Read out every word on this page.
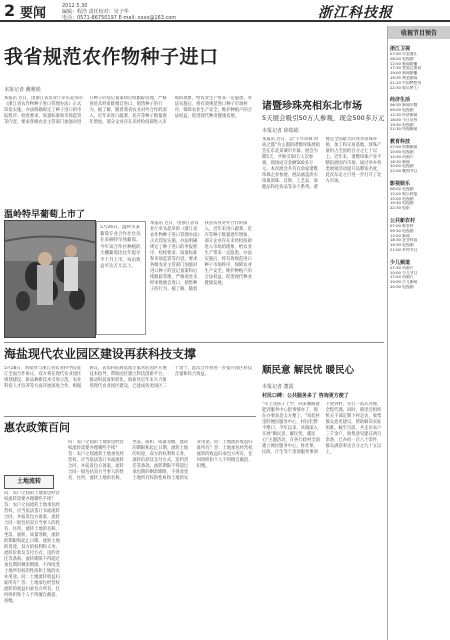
2 要闻	2012.5.30
编辑：程浩 责任校对：吴子华
电话：0571-86750197 E-mail: xxxx@163.com	浙江科技报
我省规范农作物种子进口
本报记者 戴雅娟
本报讯 近日，由浙江省农业厅牵头起草的《浙江省农作物种子进口管理办法》正式印发实施。办法明确规定了种子进口的申报程序、检疫要求、质量标准和市场监管等内容，要求各级农业主管部门加强对进口种子的登记备案和后续跟踪管理，严格查处未经审批擅自进口、销售种子的行为。据了解，随着我省农业对外合作的深入，近年来进口蔬菜、花卉等种子数量逐年增加，部分企业存在未经检疫即进入市场的现象，给农业生产带来一定隐患。办法实施后，将有效规范进口种子市场秩序，保障农业生产安全，维护种植户的合法权益，促进现代种业健康发展。
诸暨珍珠亮相东北市场
5天展会吸引50万人参观，现金500多万元
本报记者 徐瑞娟
本报讯 近日，以"千年珍珠 时尚之都"为主题的诸暨珍珠展销会在东北某城市开幕。展会为期5天，共吸引50万人次参观，现场成交金额500多万元。本次展会共有百余家诸暨珍珠企业参展，展品涵盖淡水珍珠原珠、首饰、工艺品、保健品和化妆品等多个系列。诸暨是全国最大的淡水珍珠养殖、加工和交易基地，珍珠产量约占全国的百分之七十以上。近年来，诸暨珍珠产业不断拓展国内市场，通过举办各类展销活动提升品牌知名度，此次东北之行进一步打开了北方市场。
温岭特早葡萄上市了
5月26日，温岭市某葡萄专业合作社社员在采摘特早熟葡萄。今年该合作社种植的大棚葡萄比往年提早半个月上市，每亩效益可达万元以上。
本报讯 近日，由浙江省农业厅牵头起草的《浙江省农作物种子进口管理办法》正式印发实施。办法明确规定了种子进口的申报程序、检疫要求、质量标准和市场监管等内容，要求各级农业主管部门加强对进口种子的登记备案和后续跟踪管理，严格查处未经审批擅自进口、销售种子的行为。据了解，随着我省农业对外合作的深入，近年来进口蔬菜、花卉等种子数量逐年增加，部分企业存在未经检疫即进入市场的现象，给农业生产带来一定隐患。办法实施后，将有效规范进口种子市场秩序，保障农业生产安全，维护种植户的合法权益，促进现代种业健康发展。
海盐现代农业园区建设再获科技支撑
5月28日，海盐县与浙江省农业科学院签订全面合作协议，双方将在现代农业园区规划建设、新品种新技术引进示范、农业科技人才培养等方面开展深度合作。根据协议，省农科院将选派专家常驻园区开展技术指导，帮助园区建立科技创新平台，推动科技成果转化。海盐县近年来大力推进现代农业园区建设，已建成各类园区二十余个，此次合作将进一步提升园区科技含量和综合效益。	顺民意 解民忧 暖民心
本报记者 董霞
村民口碑：公共服务多了 咨询更方便了
"早上送孩子上学，回来顺路就能到服务中心把事情办了，现在办事真是太方便了。"说起村里的便民服务中心，村民们赞不绝口。今年以来，该镇深入开展"顺民意、解民忧、暖民心"主题活动，在各行政村全面建立便民服务中心，将社保、民政、计生等十余项服务事项下放到村，实行一站式办理、全程代理。同时，镇里还组织机关干部定期下村走访，收集群众意见建议，帮助解决实际困难。截至目前，共走访农户三千余户，收集意见建议两百余条，已办结一百八十余件，群众满意率达百分之九十五以上。
惠农政策百问
土地流转
问：农户之间的土地承包经营权流转需要办理哪些手续？答：农户之间流转土地承包经营权，应当依法签订书面流转合同，并报发包方备案。流转合同一般包括双方当事人的姓名、住所，流转土地的名称、坐落、面积、质量等级，流转的期限和起止日期，流转土地的用途，双方的权利和义务，流转价款及支付方式，违约责任等条款。流转期限不得超过承包期的剩余期限，不得改变土地所有权的性质和土地的农业用途。问：土地流转收益归谁所有？答：土地承包经营权流转的收益归承包方所有，任何组织和个人不得擅自截留、扣缴。
问：农户之间的土地承包经营权流转需要办理哪些手续？答：农户之间流转土地承包经营权，应当依法签订书面流转合同，并报发包方备案。流转合同一般包括双方当事人的姓名、住所，流转土地的名称、坐落、面积、质量等级，流转的期限和起止日期，流转土地的用途，双方的权利和义务，流转价款及支付方式，违约责任等条款。流转期限不得超过承包期的剩余期限，不得改变土地所有权的性质和土地的农业用途。问：土地流转收益归谁所有？答：土地承包经营权流转的收益归承包方所有，任何组织和个人不得擅自截留、扣缴。
收视节目预告
浙江卫视
07:00 早安浙江
08:20 电视剧
12:00 新闻联播
17:30 我爱记歌词
19:00 新闻联播
19:35 黄金剧场
21:20 中国梦想秀
22:30 娱乐梦工厂
经济生活
06:30 新闻早餐
09:00 电视剧
12:30 经济新闻
18:00 今日证券
19:30 电视剧
21:30 经视新闻
教育科技
07:00 科教新闻
10:00 电视剧
14:30 动画片
18:30 新闻
20:00 电视剧
22:00 晚间节目
影视娱乐
08:00 电视剧
12:00 娱乐时报
15:00 电视剧
19:30 电视剧
22:30 电影
公共新农村
07:00 新农村
09:30 电视剧
12:00 新闻
18:30 农业科技
19:30 电视剧
21:00 乡村节目
少儿频道
07:30 动画片
10:00 少儿节目
17:00 动画片
19:00 少儿新闻
20:30 电视剧
